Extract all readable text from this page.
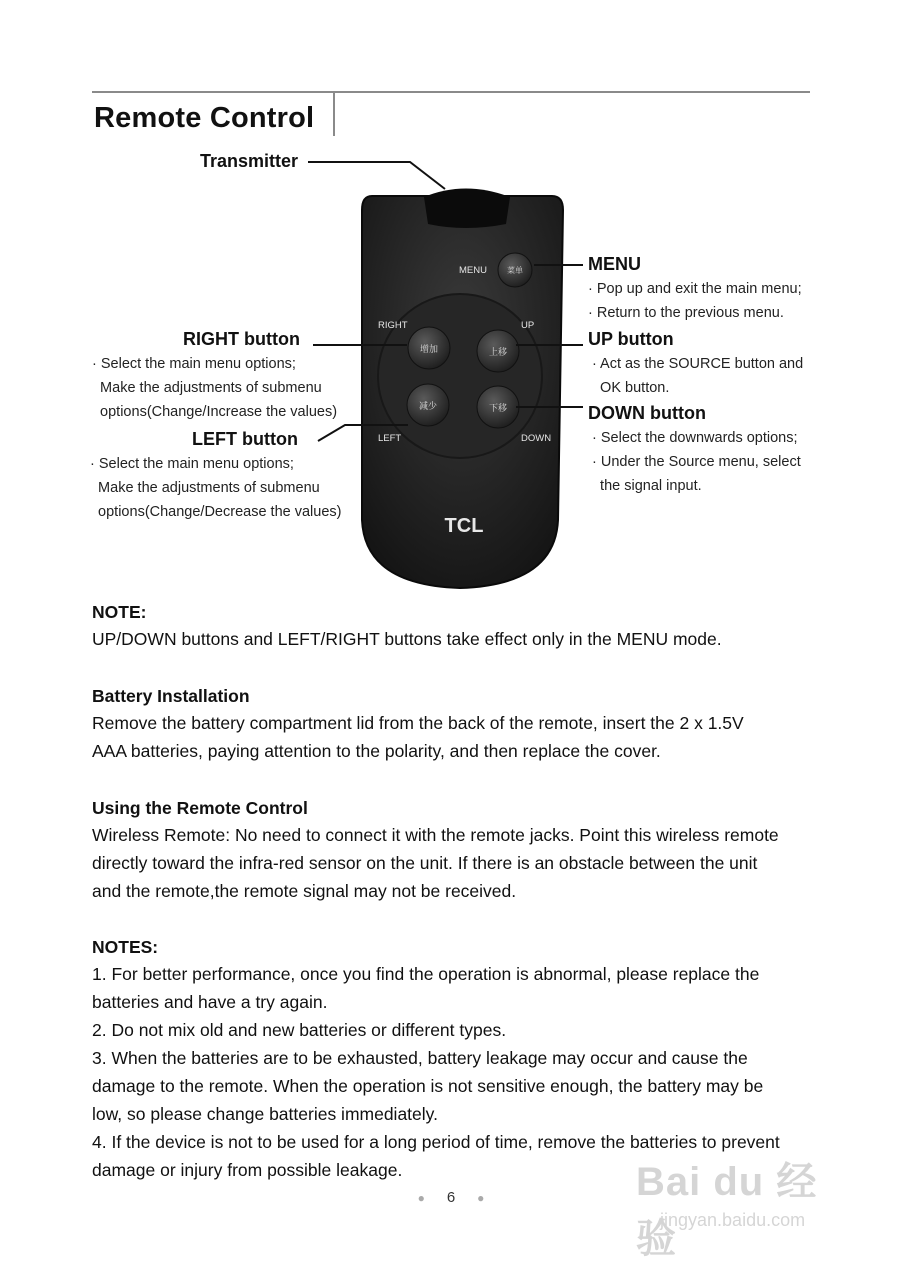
Remote Control
菜单
增加	上移
减少	下移
MENU
RIGHT	UP
LEFT	DOWN
TCL
Transmitter
MENU
· Pop up and exit the main menu;
· Return to the previous menu.
UP button
· Act as the SOURCE button and
OK button.
DOWN button
· Select the downwards options;
· Under the Source menu, select
the signal input.
RIGHT button
· Select the main menu options;
Make the adjustments of submenu
options(Change/Increase the values)
LEFT button
· Select the main menu options;
Make the adjustments of submenu
options(Change/Decrease the values)
NOTE:
UP/DOWN buttons and LEFT/RIGHT buttons take effect only in the MENU mode.
Battery Installation
Remove the battery compartment lid from the back of the remote, insert the 2 x 1.5V
AAA batteries, paying attention to the polarity, and then replace the cover.
Using the Remote Control
Wireless Remote: No need to connect it with the remote jacks. Point this wireless remote
directly toward the infra-red sensor on the unit. If there is an obstacle between the unit
and the remote,the remote signal may not be received.
NOTES:
1. For better performance, once you find the operation is abnormal, please replace the
batteries and have a try again.
2. Do not mix old and new batteries or different types.
3. When the batteries are to be exhausted, battery leakage may occur and cause the
damage to the remote. When the operation is not sensitive enough, the battery may be
low, so please change batteries immediately.
4. If the device is not to be used for a long period of time, remove the batteries to prevent
damage or injury from possible leakage.
● 6 ●	Bai du 经验
jingyan.baidu.com
